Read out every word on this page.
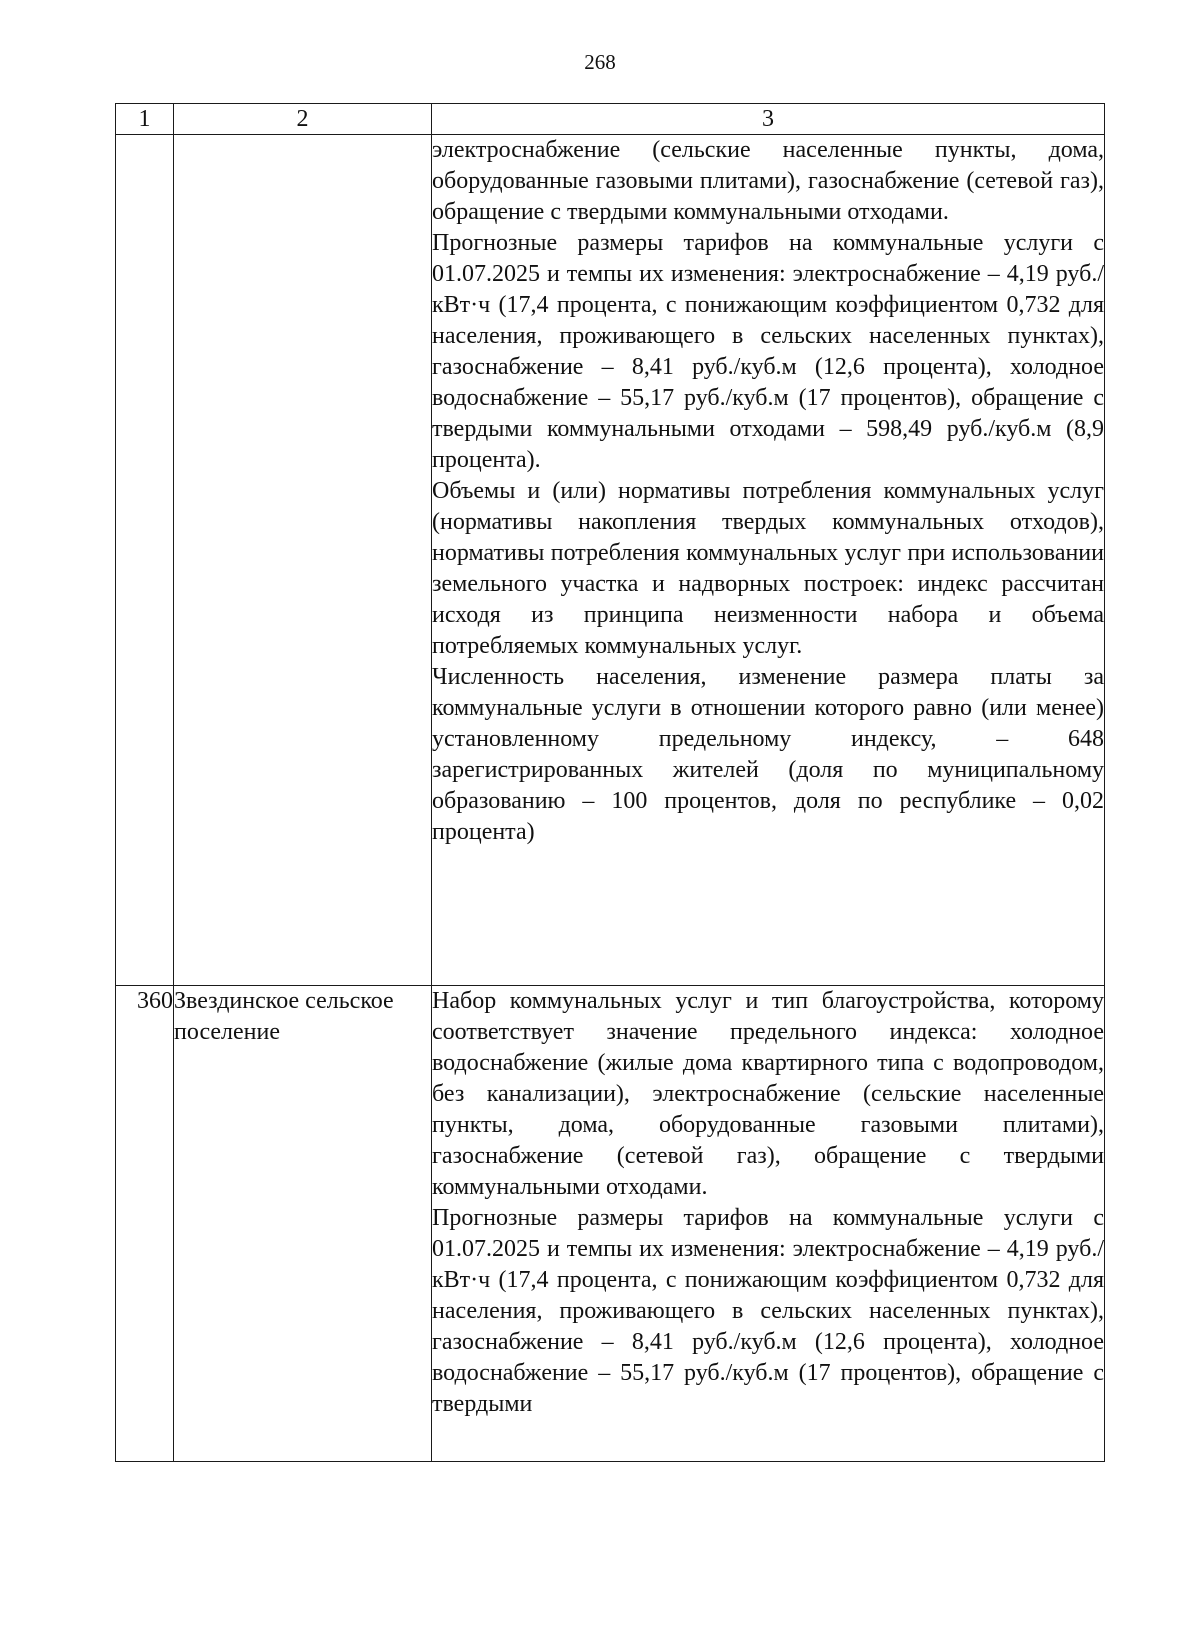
268
1	2	3

		электроснабжение (сельские населенные пункты, дома, оборудованные газовыми плитами), газоснабжение (сетевой газ), обращение с твердыми коммунальными отходами.

Прогнозные размеры тарифов на коммунальные услуги с 01.07.2025 и темпы их изменения: электроснабжение – 4,19 руб./кВт·ч (17,4 процента, с понижающим коэффициентом 0,732 для населения, проживающего в сельских населенных пунктах), газоснабжение – 8,41 руб./куб.м (12,6 процента), холодное водоснабжение – 55,17 руб./куб.м (17 процентов), обращение с твердыми коммунальными отходами – 598,49 руб./куб.м (8,9 процента).

Объемы и (или) нормативы потребления коммунальных услуг (нормативы накопления твердых коммунальных отходов), нормативы потребления коммунальных услуг при использовании земельного участка и надворных построек: индекс рассчитан исходя из принципа неизменности набора и объема потребляемых коммунальных услуг.

Численность населения, изменение размера платы за коммунальные услуги в отношении которого равно (или менее) установленному предельному индексу, – 648 зарегистрированных жителей (доля по муниципальному образованию – 100 процентов, доля по республике – 0,02 процента)

360	Звездинское сельское поселение	Набор коммунальных услуг и тип благоустройства, которому соответствует значение предельного индекса: холодное водоснабжение (жилые дома квартирного типа с водопроводом, без канализации), электроснабжение (сельские населенные пункты, дома, оборудованные газовыми плитами), газоснабжение (сетевой газ), обращение с твердыми коммунальными отходами.

Прогнозные размеры тарифов на коммунальные услуги с 01.07.2025 и темпы их изменения: электроснабжение – 4,19 руб./кВт·ч (17,4 процента, с понижающим коэффициентом 0,732 для населения, проживающего в сельских населенных пунктах), газоснабжение – 8,41 руб./куб.м (12,6 процента), холодное водоснабжение – 55,17 руб./куб.м (17 процентов), обращение с твердыми
